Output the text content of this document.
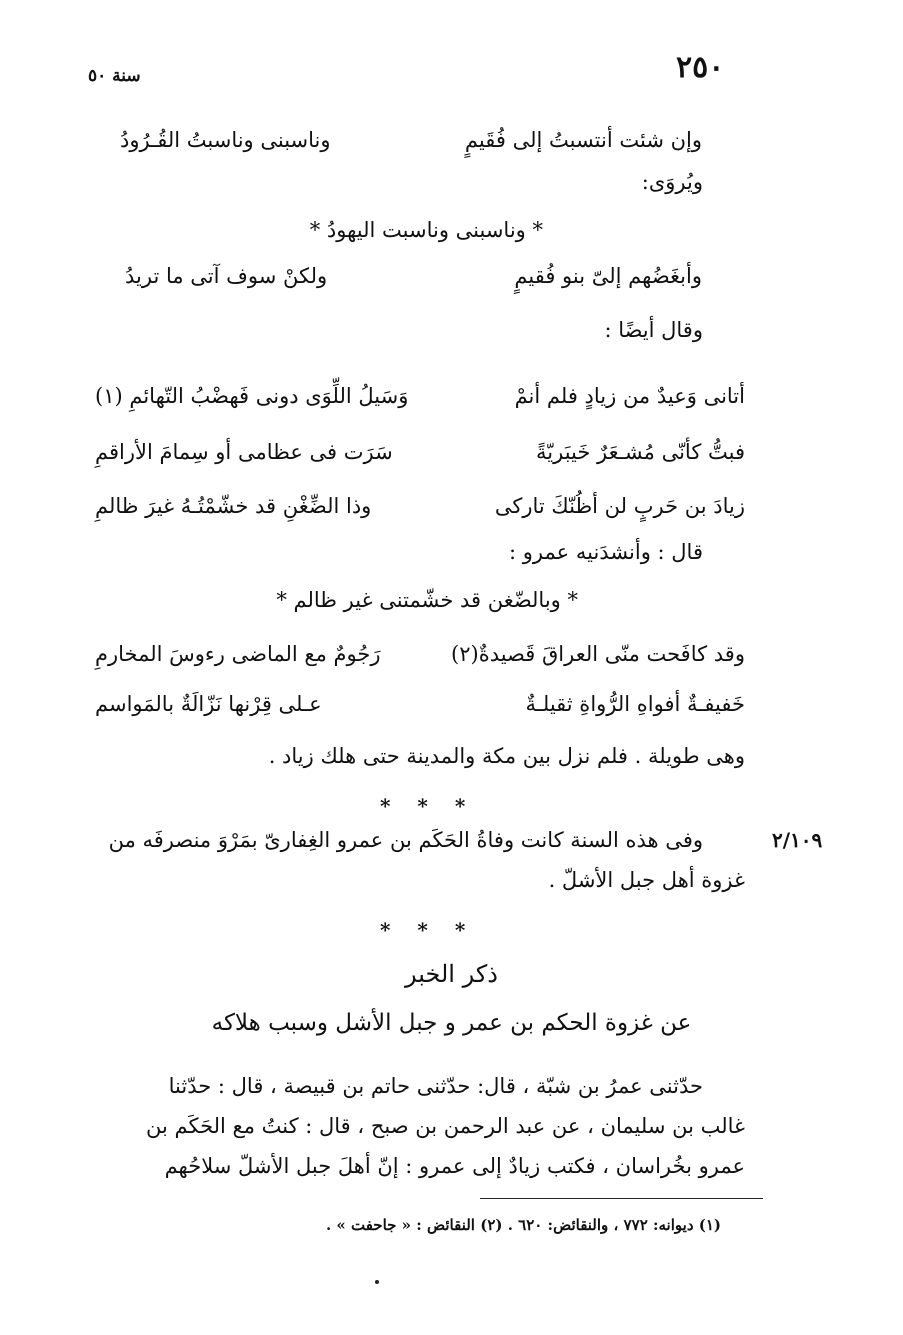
٢٥٠
سنة ٥٠
وإن شئت أنتسبتُ إلى فُقَيمٍ
وناسبنى وناسبتُ القُـرُودُ
ويُروَى:
* وناسبنى وناسبت اليهودُ *
وأبغَضُهم إلىّ بنو فُقيمٍ
ولكنْ سوف آتى ما تريدُ
وقال أيضًا :
أتانى وَعيدٌ من زيادٍ فلم أنمْ
وَسَيلُ اللِّوَى دونى فَهضْبُ التّهائمِ (١)
فبتُّ كأنّى مُشـعَرٌ خَيبَريّةً
سَرَت فى عظامى أو سِمامَ الأراقمِ
زيادَ بن حَربٍ لن أظُنّكَ تاركى
وذا الضِّغْنِ قد خشّمْتُـهُ غيرَ ظالمِ
قال : وأنشدَنيه عمرو :
* وبالضّغن قد خشّمتنى غير ظالم *
وقد كافَحت منّى العراقَ قَصيدةٌ(٢)
رَجُومٌ مع الماضى رءوسَ المخارمِ
خَفيفـةٌ أفواهِ الرُّواةِ ثقيلـةٌ
عـلى قِرْنها نَزّالَةٌ بالمَواسم
وهى طويلة . فلم نزل بين مكة والمدينة حتى هلك زياد .
* * *
٢/١٠٩
وفى هذه السنة كانت وفاةُ الحَكَم بن عمرو الغِفارىّ بمَرْوَ منصرفَه من
غزوة أهل جبل الأشلّ .
* * *
ذكر الخبر
عن غزوة الحكم بن عمر و جبل الأشل وسبب هلاكه
حدّثنى عمرُ بن شبّة ، قال: حدّثنى حاتم بن قبيصة ، قال : حدّثنا
غالب بن سليمان ، عن عبد الرحمن بن صبح ، قال : كنتُ مع الحَكَم بن
عمرو بخُراسان ، فكتب زيادٌ إلى عمرو : إنّ أهلَ جبل الأشلّ سلاحُهم
(١) ديوانه: ٧٧٢ ، والنقائض: ٦٢٠ . (٢) النقائض : « جاحفت » .
